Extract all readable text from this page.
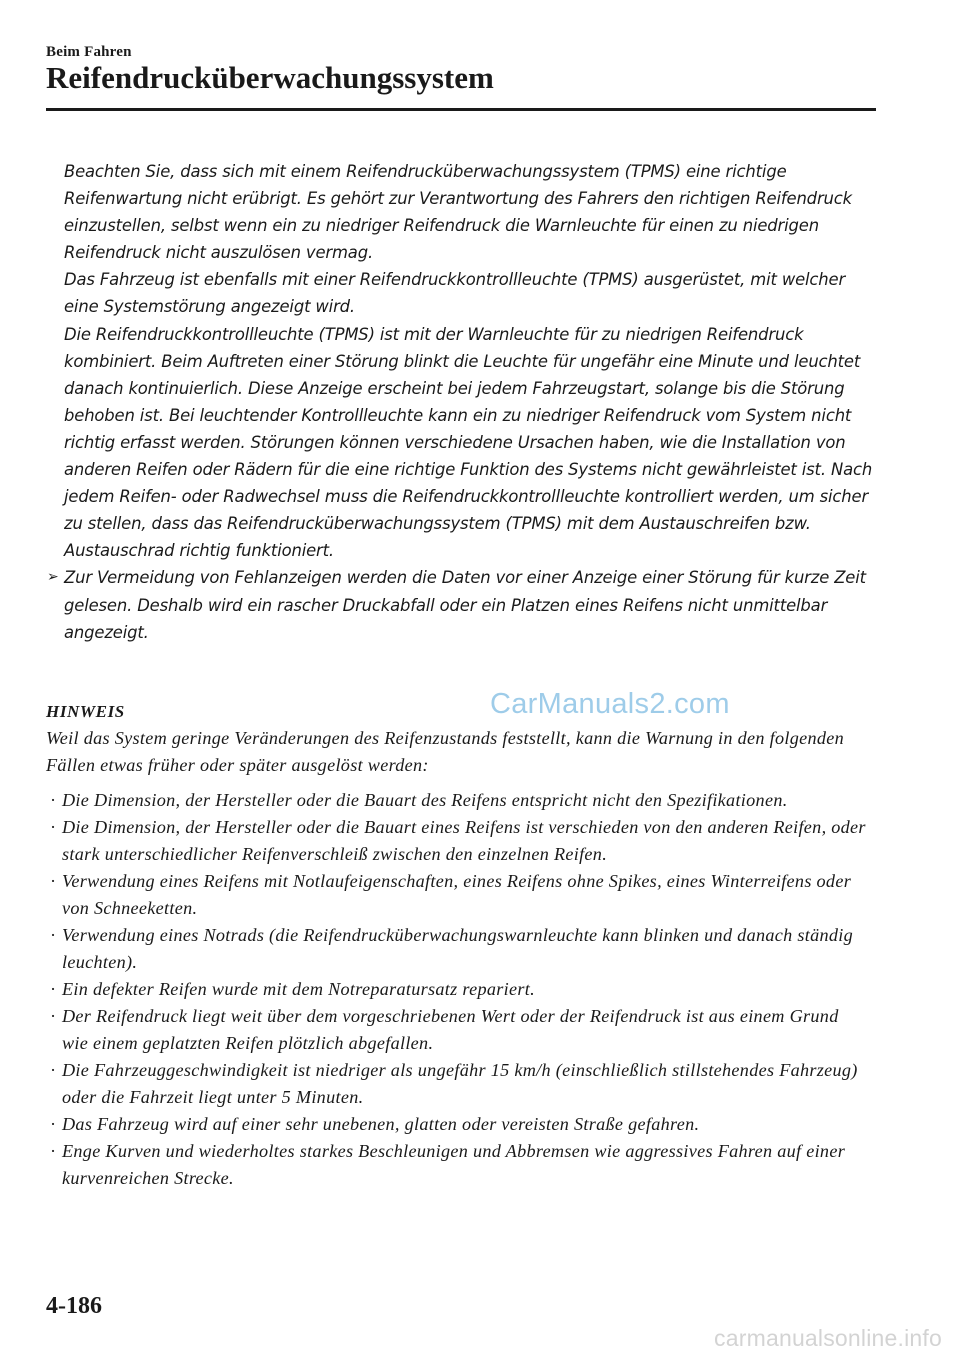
Beim Fahren
Reifendrucküberwachungssystem

Beachten Sie, dass sich mit einem Reifendrucküberwachungssystem (TPMS) eine richtige Reifenwartung nicht erübrigt. Es gehört zur Verantwortung des Fahrers den richtigen Reifendruck einzustellen, selbst wenn ein zu niedriger Reifendruck die Warnleuchte für einen zu niedrigen Reifendruck nicht auszulösen vermag.

Das Fahrzeug ist ebenfalls mit einer Reifendruckkontrollleuchte (TPMS) ausgerüstet, mit welcher eine Systemstörung angezeigt wird.

Die Reifendruckkontrollleuchte (TPMS) ist mit der Warnleuchte für zu niedrigen Reifendruck kombiniert. Beim Auftreten einer Störung blinkt die Leuchte für ungefähr eine Minute und leuchtet danach kontinuierlich. Diese Anzeige erscheint bei jedem Fahrzeugstart, solange bis die Störung behoben ist. Bei leuchtender Kontrollleuchte kann ein zu niedriger Reifendruck vom System nicht richtig erfasst werden. Störungen können verschiedene Ursachen haben, wie die Installation von anderen Reifen oder Rädern für die eine richtige Funktion des Systems nicht gewährleistet ist. Nach jedem Reifen- oder Radwechsel muss die Reifendruckkontrollleuchte kontrolliert werden, um sicher zu stellen, dass das Reifendrucküberwachungssystem (TPMS) mit dem Austauschreifen bzw. Austauschrad richtig funktioniert.

➢ Zur Vermeidung von Fehlanzeigen werden die Daten vor einer Anzeige einer Störung für kurze Zeit gelesen. Deshalb wird ein rascher Druckabfall oder ein Platzen eines Reifens nicht unmittelbar angezeigt.

CarManuals2.com

HINWEIS

Weil das System geringe Veränderungen des Reifenzustands feststellt, kann die Warnung in den folgenden Fällen etwas früher oder später ausgelöst werden:

· Die Dimension, der Hersteller oder die Bauart des Reifens entspricht nicht den Spezifikationen.
· Die Dimension, der Hersteller oder die Bauart eines Reifens ist verschieden von den anderen Reifen, oder stark unterschiedlicher Reifenverschleiß zwischen den einzelnen Reifen.
· Verwendung eines Reifens mit Notlaufeigenschaften, eines Reifens ohne Spikes, eines Winterreifens oder von Schneeketten.
· Verwendung eines Notrads (die Reifendrucküberwachungswarnleuchte kann blinken und danach ständig leuchten).
· Ein defekter Reifen wurde mit dem Notreparatursatz repariert.
· Der Reifendruck liegt weit über dem vorgeschriebenen Wert oder der Reifendruck ist aus einem Grund wie einem geplatzten Reifen plötzlich abgefallen.
· Die Fahrzeuggeschwindigkeit ist niedriger als ungefähr 15 km/h (einschließlich stillstehendes Fahrzeug) oder die Fahrzeit liegt unter 5 Minuten.
· Das Fahrzeug wird auf einer sehr unebenen, glatten oder vereisten Straße gefahren.
· Enge Kurven und wiederholtes starkes Beschleunigen und Abbremsen wie aggressives Fahren auf einer kurvenreichen Strecke.
4-186
carmanualsonline.info
